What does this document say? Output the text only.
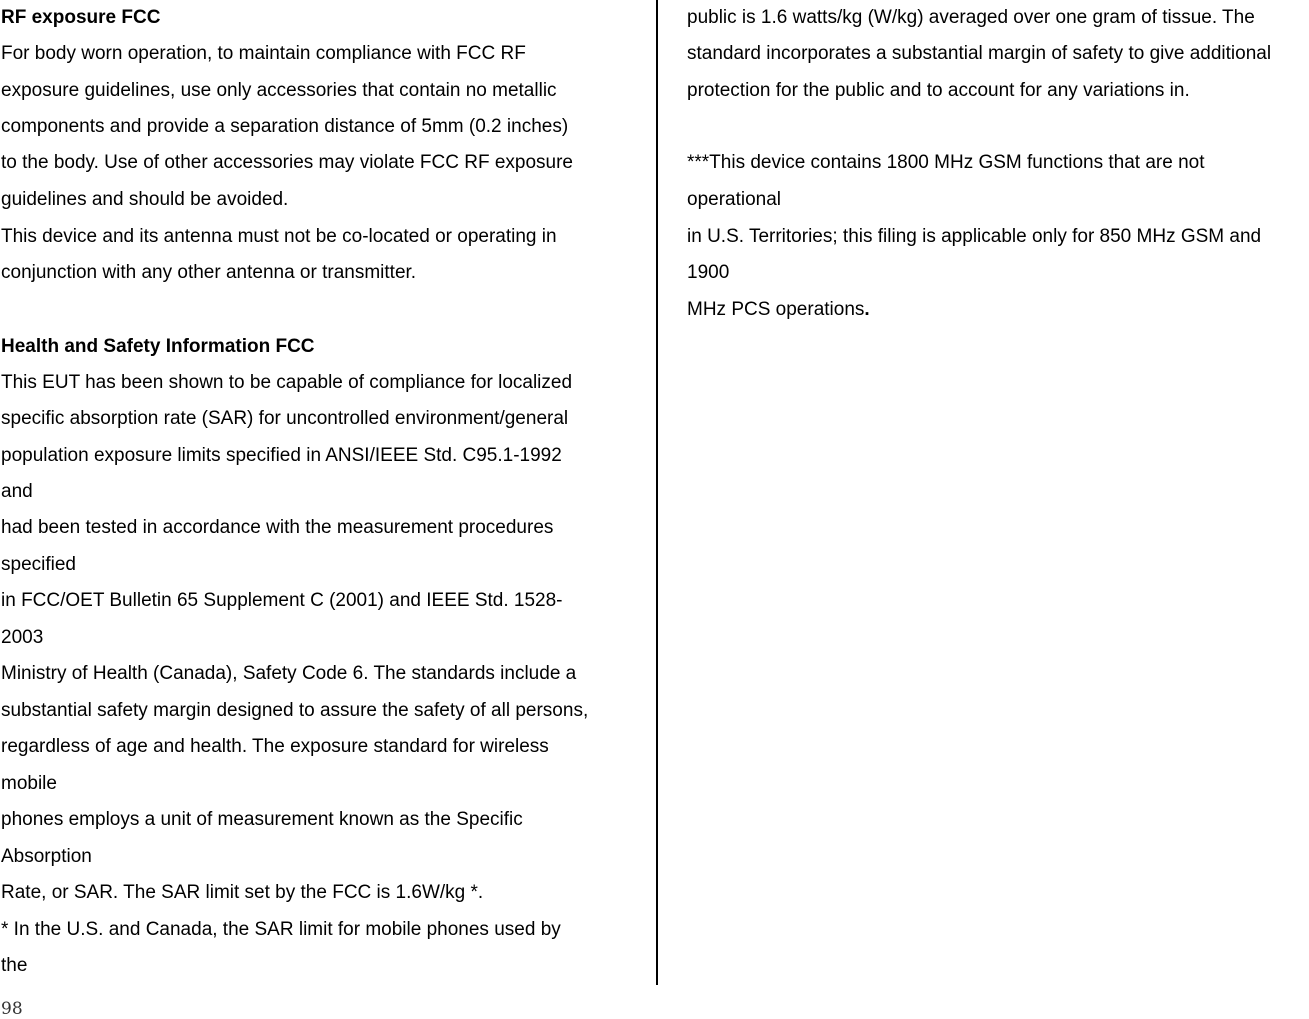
RF exposure FCC
For body worn operation, to maintain compliance with FCC RF
exposure guidelines, use only accessories that contain no metallic
components and provide a separation distance of 5mm (0.2 inches)
to the body. Use of other accessories may violate FCC RF exposure
guidelines and should be avoided.
This device and its antenna must not be co-located or operating in
conjunction with any other antenna or transmitter.
Health and Safety Information FCC
This EUT has been shown to be capable of compliance for localized
specific absorption rate (SAR) for uncontrolled environment/general
population exposure limits specified in ANSI/IEEE Std. C95.1-1992
and
had been tested in accordance with the measurement procedures
specified
in FCC/OET Bulletin 65 Supplement C (2001) and IEEE Std. 1528-
2003
Ministry of Health (Canada), Safety Code 6. The standards include a
substantial safety margin designed to assure the safety of all persons,
regardless of age and health. The exposure standard for wireless
mobile
phones employs a unit of measurement known as the Specific
Absorption
Rate, or SAR. The SAR limit set by the FCC is 1.6W/kg *.
* In the U.S. and Canada, the SAR limit for mobile phones used by
the
public is 1.6 watts/kg (W/kg) averaged over one gram of tissue. The
standard incorporates a substantial margin of safety to give additional
protection for the public and to account for any variations in.
***This device contains 1800 MHz GSM functions that are not
operational
in U.S. Territories; this filing is applicable only for 850 MHz GSM and
1900
MHz PCS operations.
98
